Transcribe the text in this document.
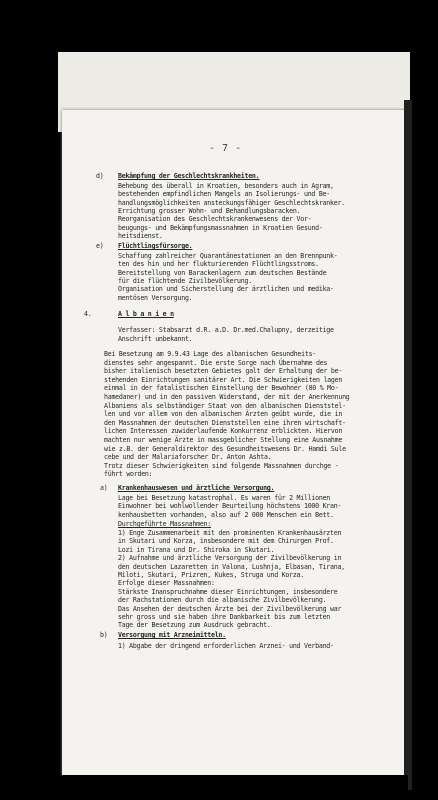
- 7 -
d) Bekämpfung der Geschlechtskrankheiten.
Behebung des überall in Kroatien, besonders auch in Agram,
bestehenden empfindlichen Mangels an Isolierungs- und Be-
handlungsmöglichkeiten ansteckungsfähiger Geschlechtskranker.
Errichtung grosser Wohn- und Behandlungsbaracken.
Reorganisation des Geschlechtskrankenwesens der Vor-
beugungs- und Bekämpfungsmassnahmen in Kroatien Gesund-
heitsdienst.
e) Flüchtlingsfürsorge.
Schaffung zahlreicher Quarantänestationen an den Brennpunk-
ten des hin und her flukturierenden Flüchtlingsstroms.
Bereitstellung von Barackenlagern zum deutschen Bestände
für die flüchtende Zivilbevölkerung.
Organisation und Sicherstellung der ärztlichen und medika-
mentösen Versorgung.
4.	A l b a n i e n
Verfasser: Stabsarzt d.R. a.D. Dr.med.Chalupny, derzeitige
Anschrift unbekannt.
Bei Besetzung am 9.9.43 Lage des albanischen Gesundheits-
dienstes sehr angespannt. Die erste Sorge nach Übernahme des
bisher italienisch besetzten Gebietes galt der Erhaltung der be-
stehenden Einrichtungen sanitärer Art. Die Schwierigkeiten lagen
einmal in der fatalistischen Einstellung der Bewohner (80 % Mo-
hamedaner) und in den passiven Widerstand, der mit der Anerkennung
Albaniens als selbständiger Staat von den albanischen Dienststel-
len und vor allem von den albanischen Ärzten geübt wurde, die in
den Massnahmen der deutschen Dienststellen eine ihren wirtschaft-
lichen Interessen zuwiderlaufende Konkurrenz erblickten. Hiervon
machten nur wenige Ärzte in massgeblicher Stellung eine Ausnahme
wie z.B. der Generaldirektor des Gesundheitswesens Dr. Hamdi Sule
cebe und der Malariaforscher Dr. Anton Ashta.
Trotz dieser Schwierigkeiten sind folgende Massnahmen durchge -
führt worden:
a) Krankenhauswesen und ärztliche Versorgung.
Lage bei Besetzung katastrophal. Es waren für 2 Millionen
Einwohner bei wohlwollender Beurteilung höchstens 1000 Kran-
kenhausbetten vorhanden, also auf 2 000 Menschen ein Bett.
Durchgeführte Massnahmen:
1) Enge Zusammenarbeit mit den prominenten Krankenhausärzten
in Skutari und Korza, insbesondere mit dem Chirurgen Prof.
Lozi in Tirana und Dr. Shiroka in Skutari.
2) Aufnahme und ärztliche Versorgung der Zivilbevölkerung in
den deutschen Lazaretten in Valona, Lushnja, Elbasan, Tirana,
Miloti, Skutari, Prizren, Kukes, Struga und Korza.
Erfolge dieser Massnahmen:
Stärkste Inanspruchnahme dieser Einrichtungen, insbesondere
der Rachstationen durch die albanische Zivilbevölkerung.
Das Ansehen der deutschen Ärzte bei der Zivilbevölkerung war
sehr gross und sie haben ihre Dankbarkeit bis zum letzten
Tage der Besetzung zum Ausdruck gebracht.
b) Versorgung mit Arzneimitteln.
1) Abgabe der dringend erforderlichen Arznei- und Verband-
